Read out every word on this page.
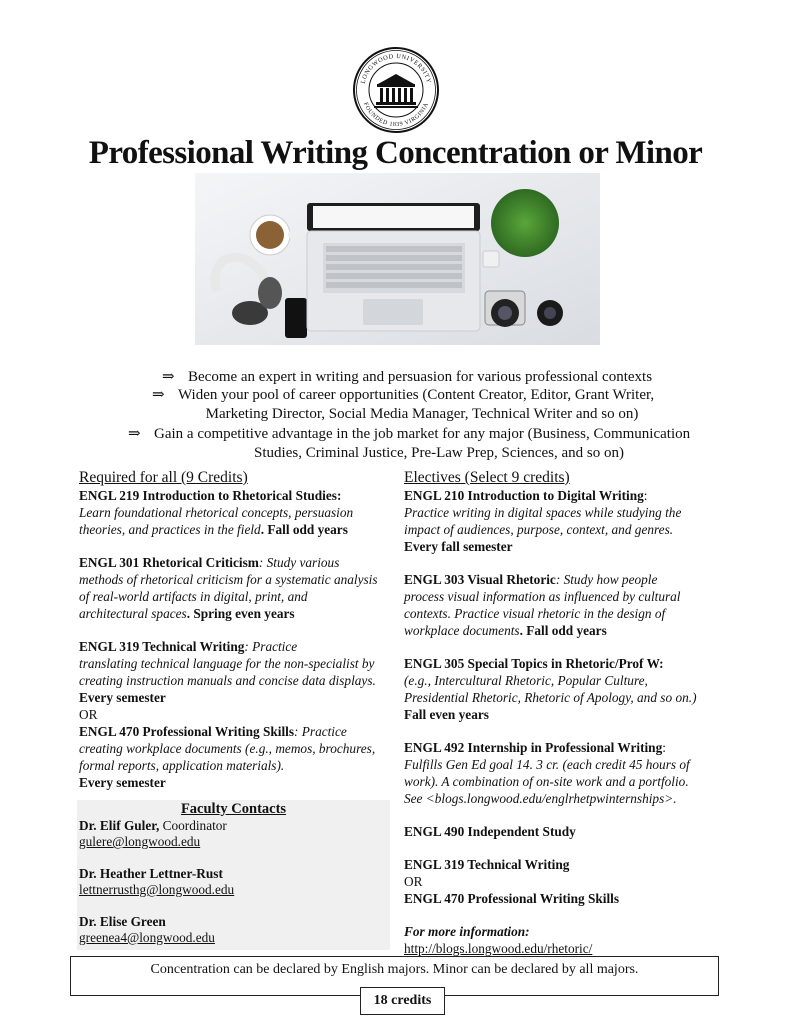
LONGWOOD UNIVERSITY
FOUNDED 1839 VIRGINIA
Professional Writing Concentration or Minor
⇒ Become an expert in writing and persuasion for various professional contexts
⇒ Widen your pool of career opportunities (Content Creator, Editor, Grant Writer,
Marketing Director, Social Media Manager, Technical Writer and so on)
⇒ Gain a competitive advantage in the job market for any major (Business, Communication
Studies, Criminal Justice, Pre-Law Prep, Sciences, and so on)

Required for all (9 Credits)

ENGL 219 Introduction to Rhetorical Studies:

Learn foundational rhetorical concepts, persuasion

theories, and practices in the field. Fall odd years

ENGL 301 Rhetorical Criticism: Study various

methods of rhetorical criticism for a systematic analysis

of real-world artifacts in digital, print, and

architectural spaces. Spring even years

ENGL 319 Technical Writing: Practice

translating technical language for the non-specialist by

creating instruction manuals and concise data displays.

Every semester

OR

ENGL 470 Professional Writing Skills: Practice

creating workplace documents (e.g., memos, brochures,

formal reports, application materials).

Every semester

Faculty Contacts

Dr. Elif Guler, Coordinator

gulere@longwood.edu

Dr. Heather Lettner-Rust

lettnerrusthg@longwood.edu

Dr. Elise Green

greenea4@longwood.edu

Electives (Select 9 credits)

ENGL 210 Introduction to Digital Writing:

Practice writing in digital spaces while studying the

impact of audiences, purpose, context, and genres.

Every fall semester

ENGL 303 Visual Rhetoric: Study how people

process visual information as influenced by cultural

contexts. Practice visual rhetoric in the design of

workplace documents. Fall odd years

ENGL 305 Special Topics in Rhetoric/Prof W:

(e.g., Intercultural Rhetoric, Popular Culture,

Presidential Rhetoric, Rhetoric of Apology, and so on.)

Fall even years

ENGL 492 Internship in Professional Writing:

Fulfills Gen Ed goal 14. 3 cr. (each credit 45 hours of

work). A combination of on-site work and a portfolio.

See <blogs.longwood.edu/englrhetpwinternships>.

ENGL 490 Independent Study

ENGL 319 Technical Writing

OR

ENGL 470 Professional Writing Skills

For more information:

http://blogs.longwood.edu/rhetoric/

Concentration can be declared by English majors. Minor can be declared by all majors.
18 credits
